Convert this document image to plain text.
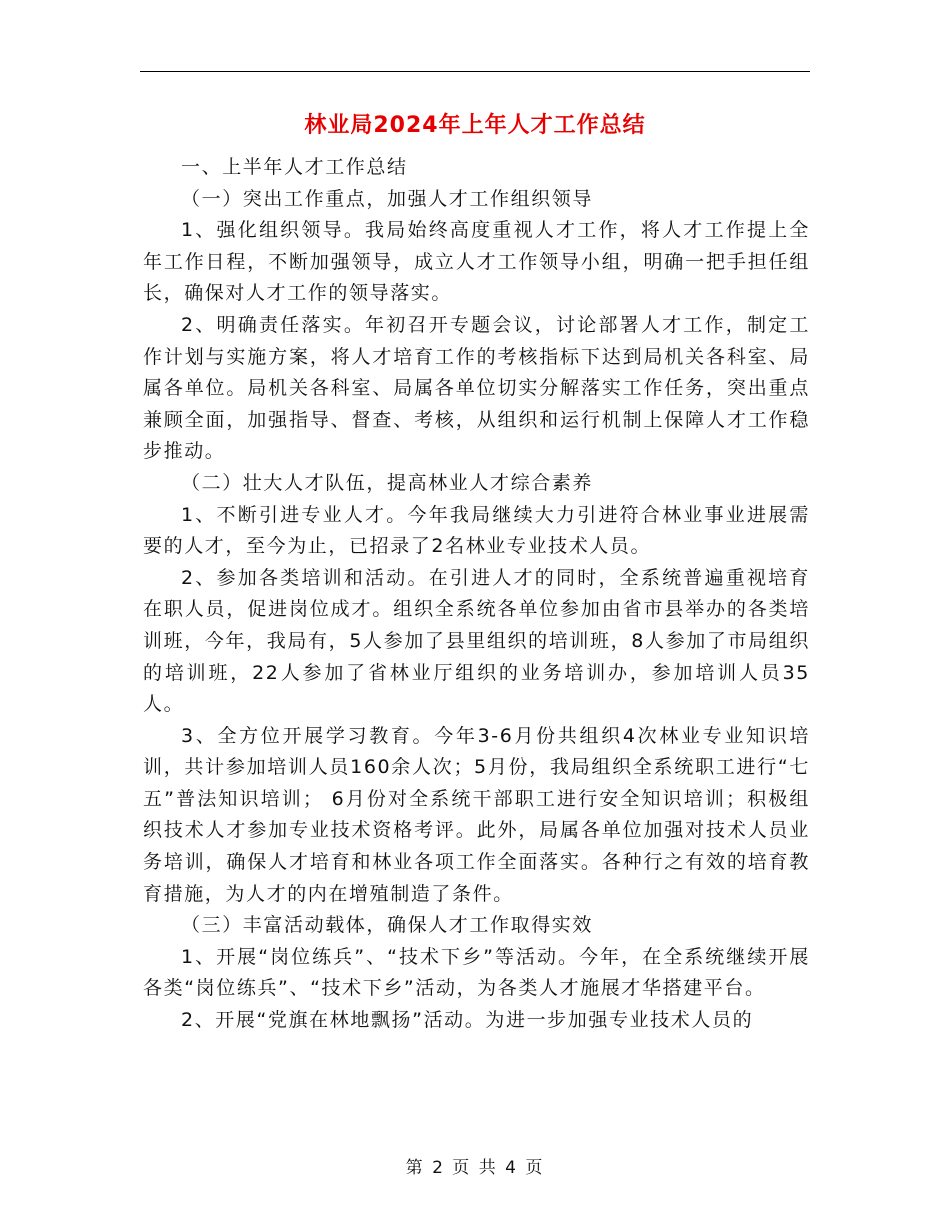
林业局2024年上年人才工作总结

一、上半年人才工作总结

（一）突出工作重点，加强人才工作组织领导

1、强化组织领导。我局始终高度重视人才工作，将人才工作提上全年工作日程，不断加强领导，成立人才工作领导小组，明确一把手担任组长，确保对人才工作的领导落实。

2、明确责任落实。年初召开专题会议，讨论部署人才工作，制定工作计划与实施方案，将人才培育工作的考核指标下达到局机关各科室、局属各单位。局机关各科室、局属各单位切实分解落实工作任务，突出重点兼顾全面，加强指导、督查、考核，从组织和运行机制上保障人才工作稳步推动。

（二）壮大人才队伍，提高林业人才综合素养

1、不断引进专业人才。今年我局继续大力引进符合林业事业进展需要的人才，至今为止，已招录了2名林业专业技术人员。

2、参加各类培训和活动。在引进人才的同时，全系统普遍重视培育在职人员，促进岗位成才。组织全系统各单位参加由省市县举办的各类培训班，今年，我局有，5人参加了县里组织的培训班，8人参加了市局组织的培训班，22人参加了省林业厅组织的业务培训办，参加培训人员35人。

3、全方位开展学习教育。今年3-6月份共组织4次林业专业知识培训，共计参加培训人员160余人次；5月份，我局组织全系统职工进行“七五”普法知识培训； 6月份对全系统干部职工进行安全知识培训；积极组织技术人才参加专业技术资格考评。此外，局属各单位加强对技术人员业务培训，确保人才培育和林业各项工作全面落实。各种行之有效的培育教育措施，为人才的内在增殖制造了条件。

（三）丰富活动载体，确保人才工作取得实效

1、开展“岗位练兵”、“技术下乡”等活动。今年，在全系统继续开展各类“岗位练兵”、“技术下乡”活动，为各类人才施展才华搭建平台。

2、开展“党旗在林地飘扬”活动。为进一步加强专业技术人员的

第 2 页 共 4 页
